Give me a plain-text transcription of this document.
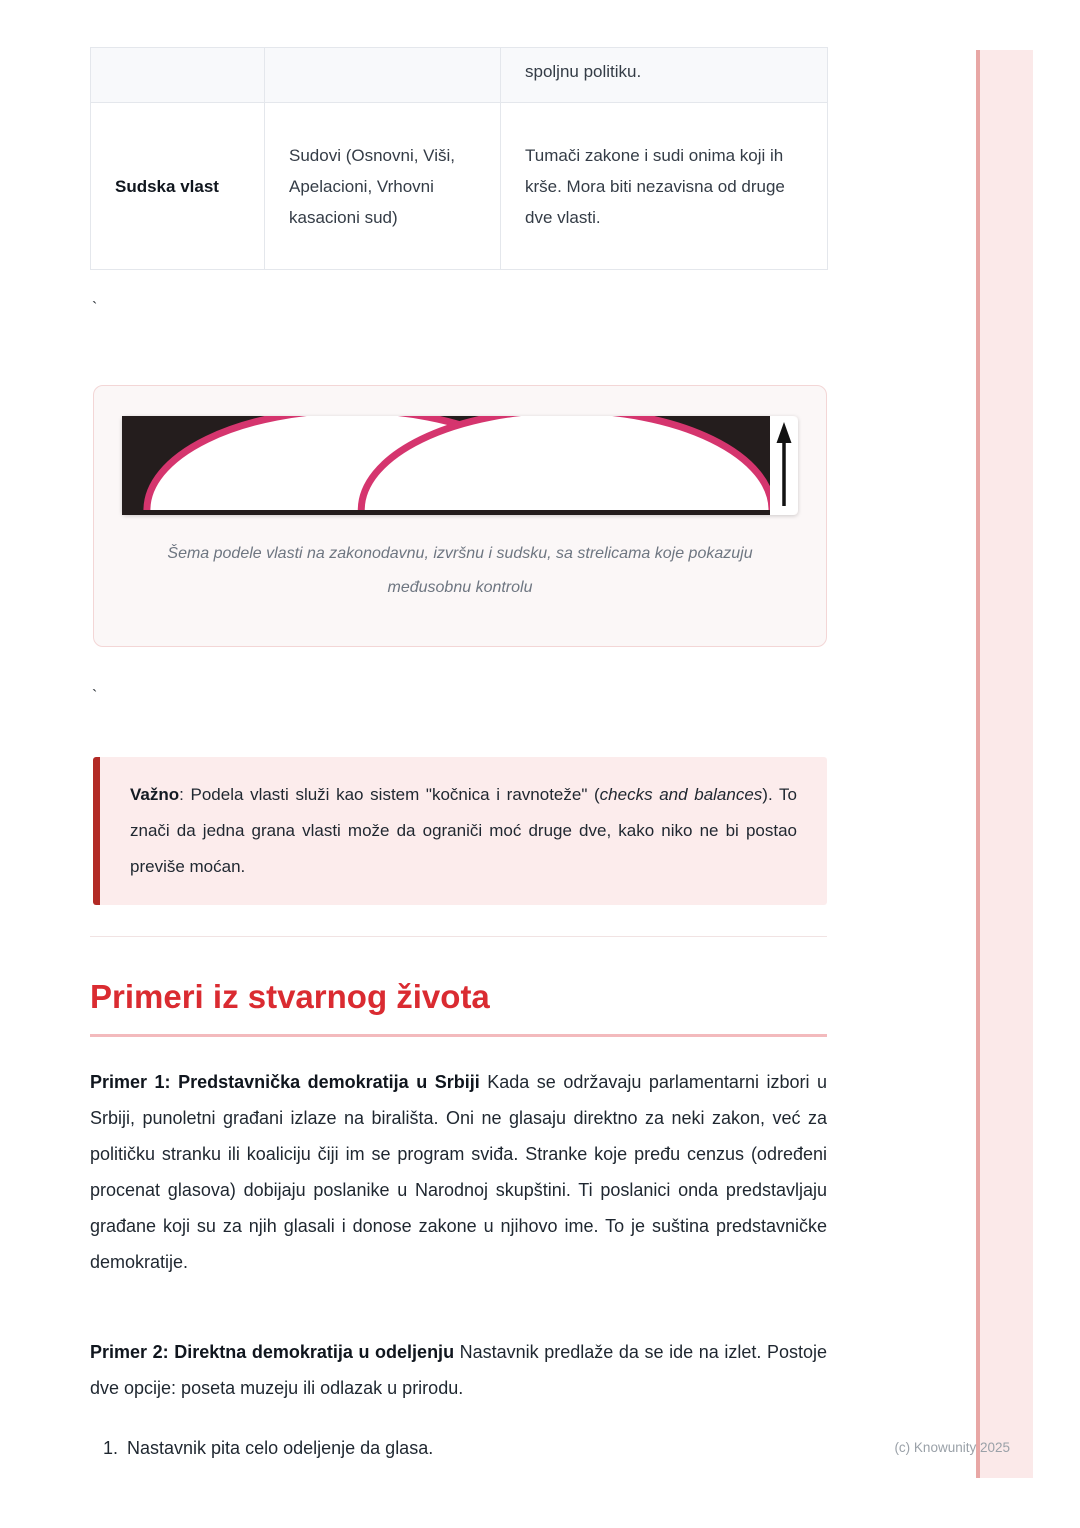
		spoljnu politiku.
Sudska vlast	Sudovi (Osnovni, Viši, Apelacioni, Vrhovni kasacioni sud)	Tumači zakone i sudi onima koji ih krše. Mora biti nezavisna od druge dve vlasti.
`
Šema podele vlasti na zakonodavnu, izvršnu i sudsku, sa strelicama koje pokazuju međusobnu kontrolu
`
Važno: Podela vlasti služi kao sistem "kočnica i ravnoteže" (checks and balances). To znači da jedna grana vlasti može da ograniči moć druge dve, kako niko ne bi postao previše moćan.
Primeri iz stvarnog života

Primer 1: Predstavnička demokratija u Srbiji Kada se održavaju parlamentarni izbori u Srbiji, punoletni građani izlaze na birališta. Oni ne glasaju direktno za neki zakon, već za političku stranku ili koaliciju čiji im se program sviđa. Stranke koje pređu cenzus (određeni procenat glasova) dobijaju poslanike u Narodnoj skupštini. Ti poslanici onda predstavljaju građane koji su za njih glasali i donose zakone u njihovo ime. To je suština predstavničke demokratije.

Primer 2: Direktna demokratija u odeljenju Nastavnik predlaže da se ide na izlet. Postoje dve opcije: poseta muzeju ili odlazak u prirodu.

1. Nastavnik pita celo odeljenje da glasa.	(c) Knowunity 2025
